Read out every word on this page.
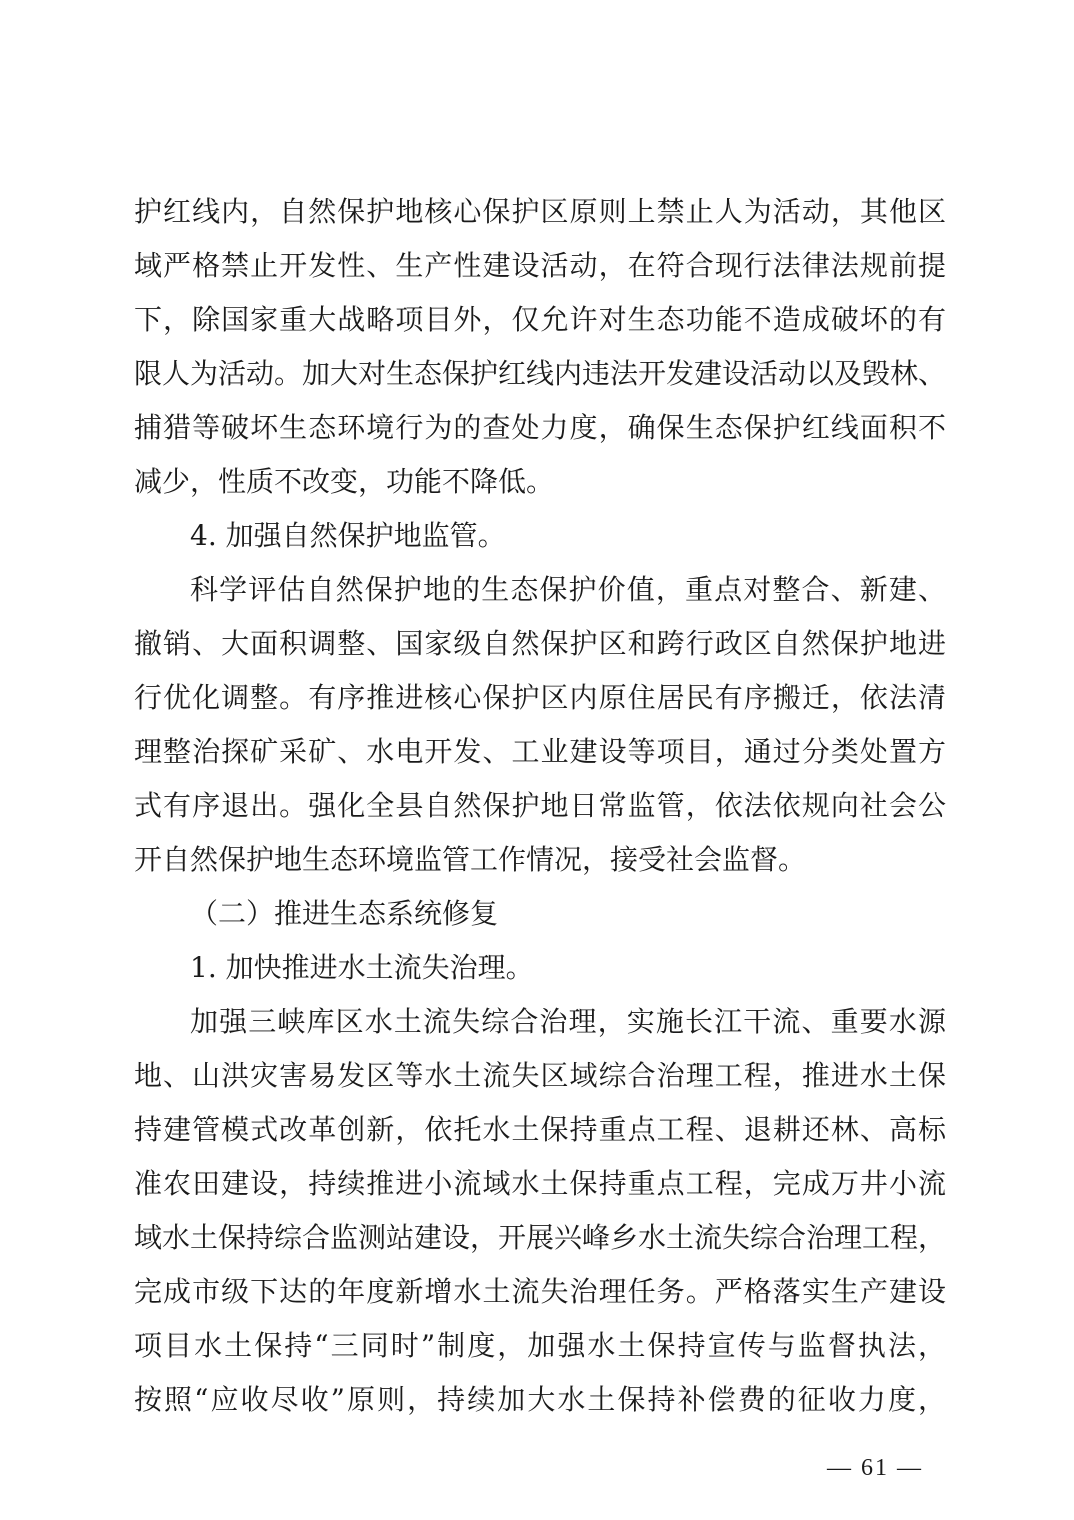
护红线内，自然保护地核心保护区原则上禁止人为活动，其他区
域严格禁止开发性、生产性建设活动，在符合现行法律法规前提
下，除国家重大战略项目外，仅允许对生态功能不造成破坏的有
限人为活动。加大对生态保护红线内违法开发建设活动以及毁林、
捕猎等破坏生态环境行为的查处力度，确保生态保护红线面积不
减少，性质不改变，功能不降低。
4. 加强自然保护地监管。
科学评估自然保护地的生态保护价值，重点对整合、新建、
撤销、大面积调整、国家级自然保护区和跨行政区自然保护地进
行优化调整。有序推进核心保护区内原住居民有序搬迁，依法清
理整治探矿采矿、水电开发、工业建设等项目，通过分类处置方
式有序退出。强化全县自然保护地日常监管，依法依规向社会公
开自然保护地生态环境监管工作情况，接受社会监督。
（二）推进生态系统修复
1. 加快推进水土流失治理。
加强三峡库区水土流失综合治理，实施长江干流、重要水源
地、山洪灾害易发区等水土流失区域综合治理工程，推进水土保
持建管模式改革创新，依托水土保持重点工程、退耕还林、高标
准农田建设，持续推进小流域水土保持重点工程，完成万井小流
域水土保持综合监测站建设，开展兴峰乡水土流失综合治理工程，
完成市级下达的年度新增水土流失治理任务。严格落实生产建设
项目水土保持“三同时”制度，加强水土保持宣传与监督执法，
按照“应收尽收”原则，持续加大水土保持补偿费的征收力度，
— 61 —
